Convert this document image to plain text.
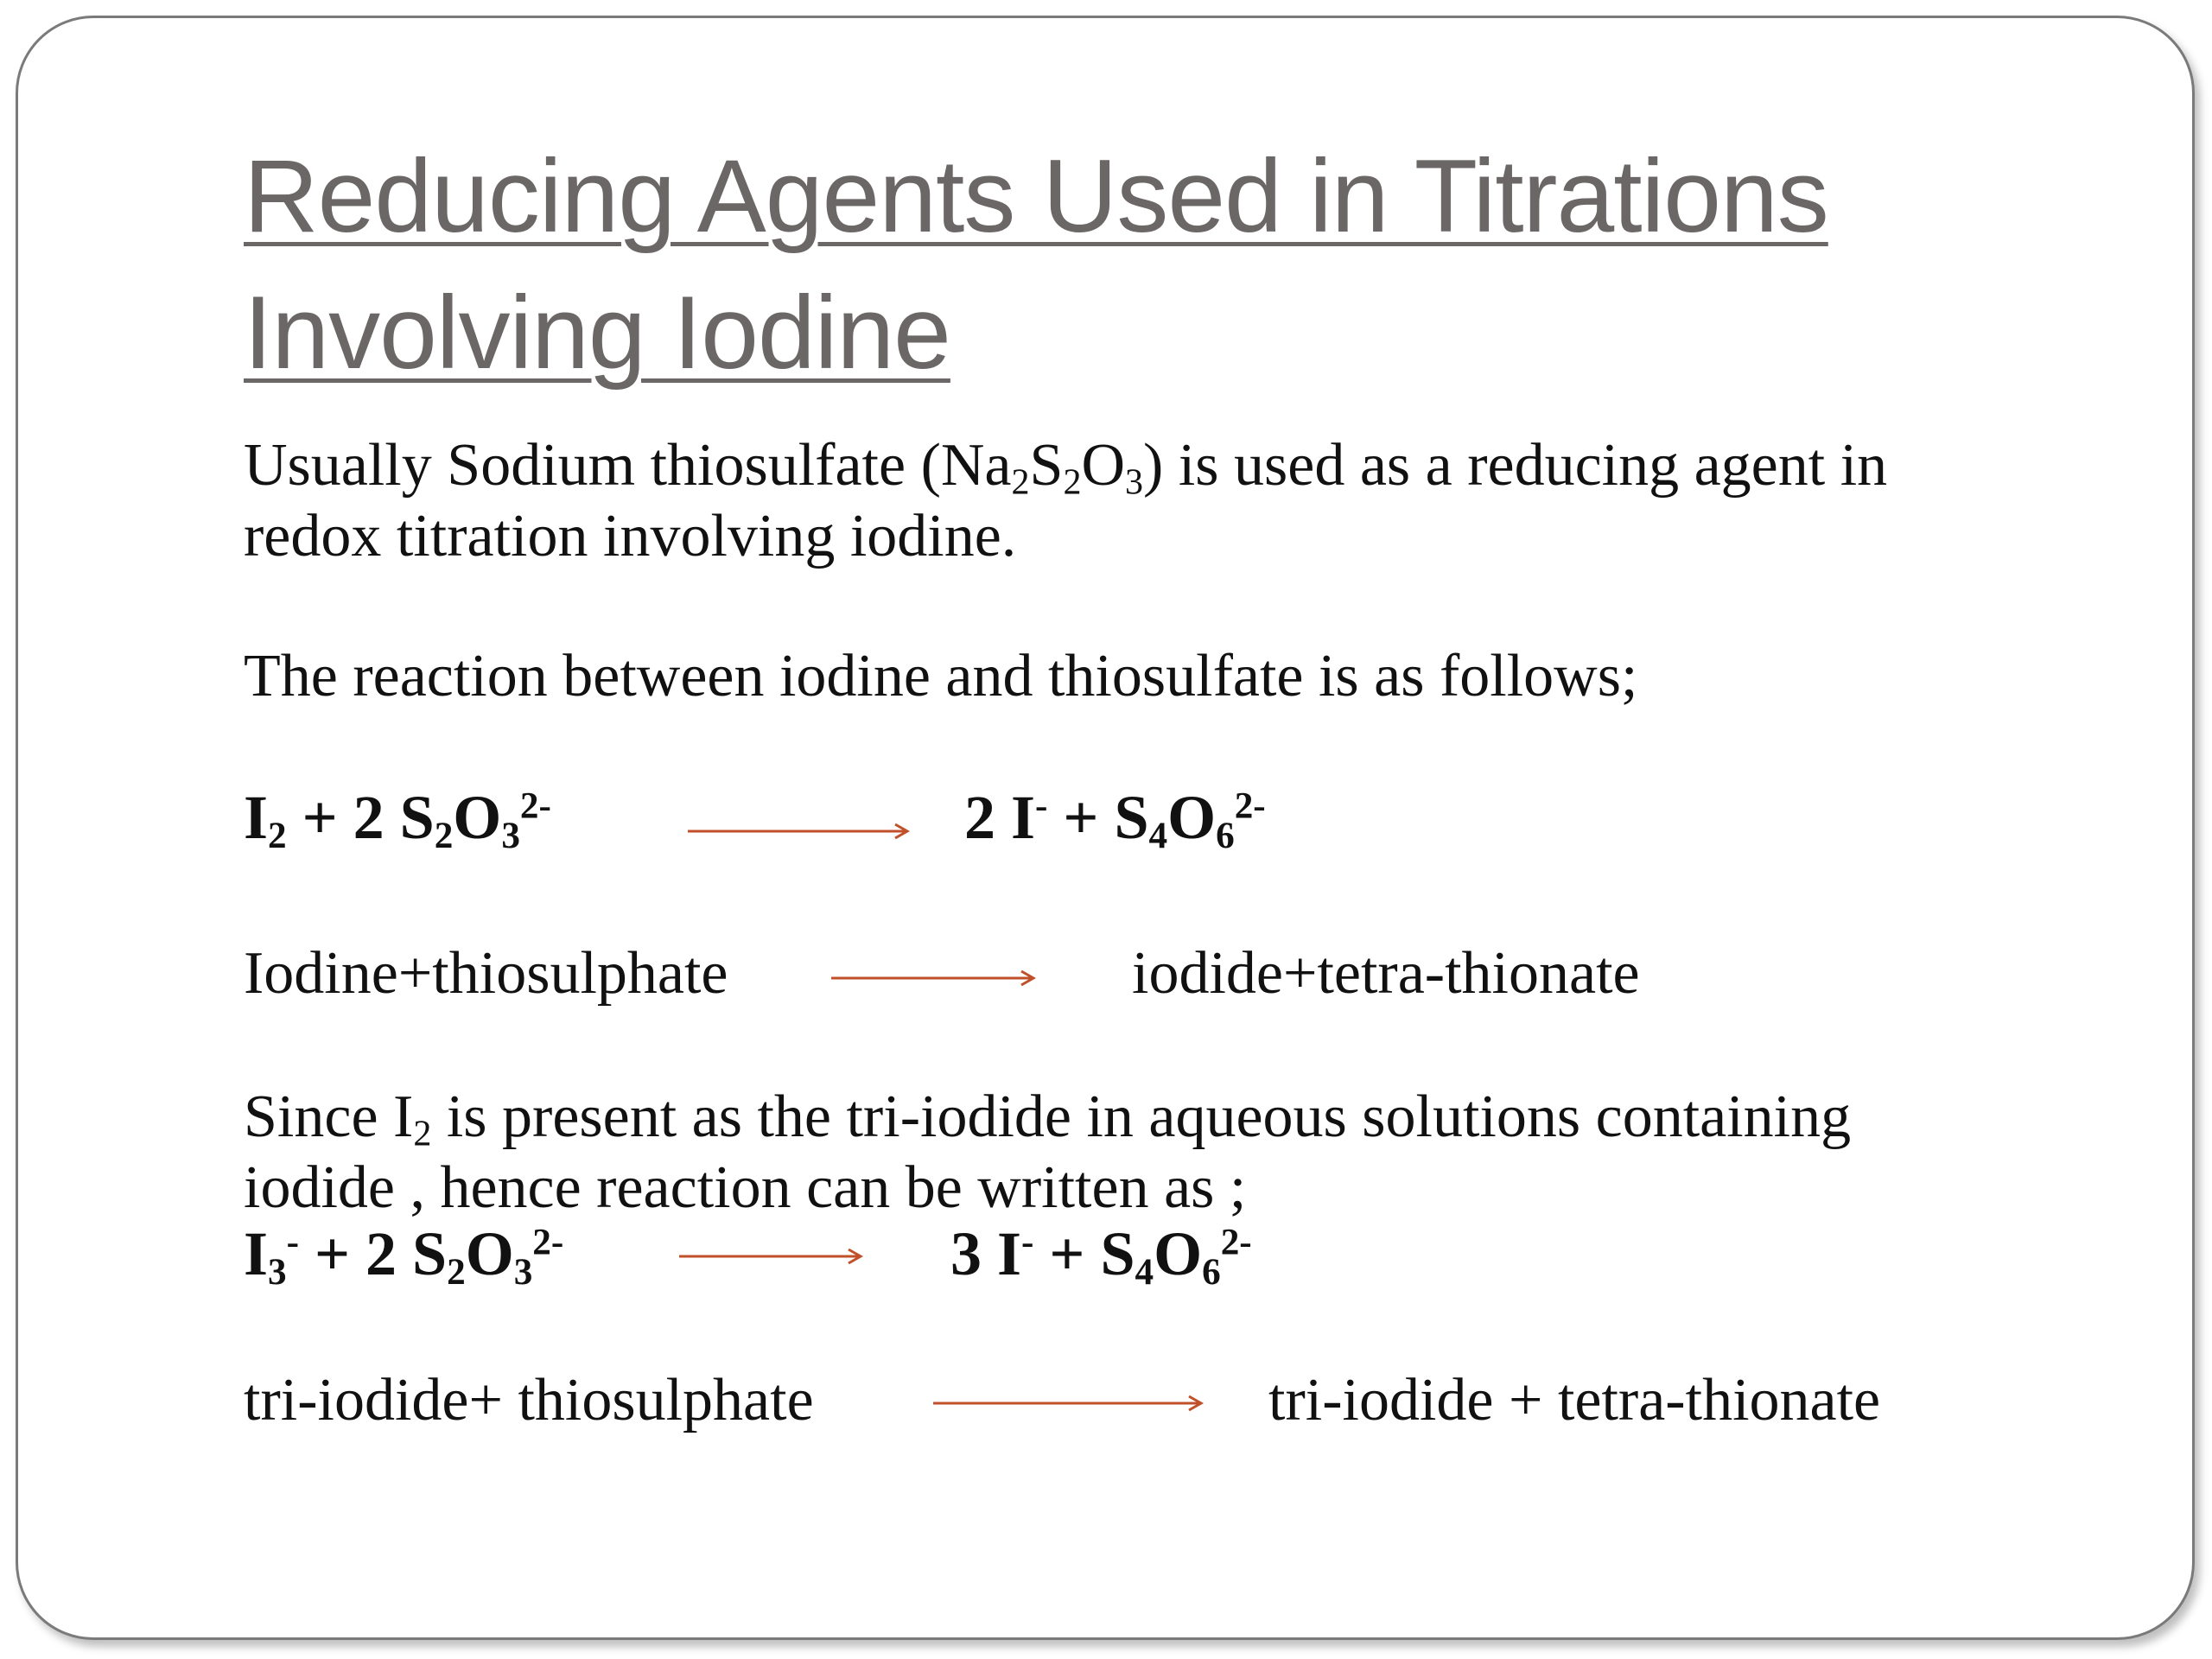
Reducing Agents Used in Titrations
Involving Iodine
Usually Sodium thiosulfate $(Na_2S_2O_3)$ is used as a reducing agent in
redox titration involving iodine.
The reaction between iodine and thiosulfate is as follows;
$I_2 + 2$ $S_2O_3^{2-}$	2 $I^- + S_4O_6^{2-}$
Iodine+thiosulphate	iodide+tetra-thionate
Since $I_2$ is present as the tri-iodide in aqueous solutions containing
iodide , hence reaction can be written as ;
$I_3^- + 2$ $S_2O_3^{2-}$	3 $I^- + S_4O_6^{2-}$
tri-iodide+ thiosulphate	tri-iodide + tetra-thionate
